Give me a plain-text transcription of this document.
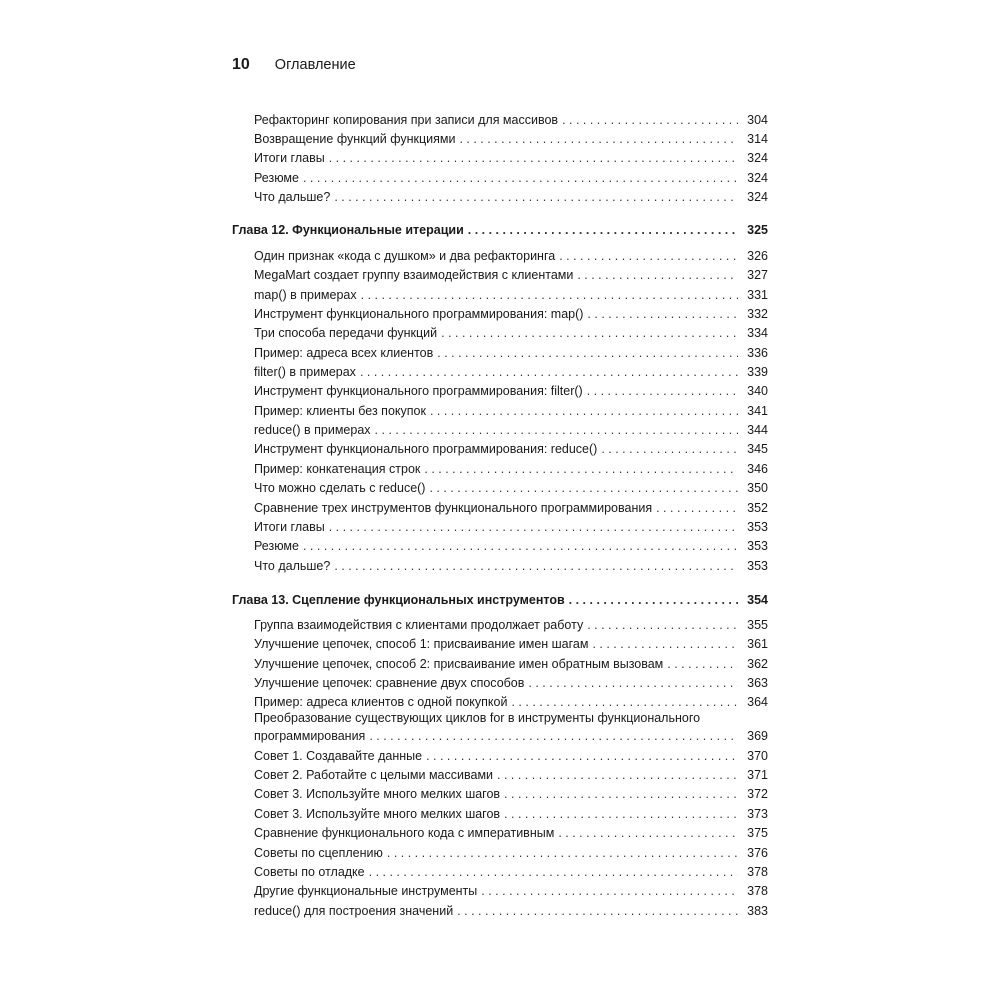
10 Оглавление
Рефакторинг копирования при записи для массивов . . .	304
Возвращение функций функциями . . .	314
Итоги главы . . .	324
Резюме . . .	324
Что дальше? . . .	324
Глава 12. Функциональные итерации . . .	325
Один признак «кода с душком» и два рефакторинга . . .	326
MegaMart создает группу взаимодействия с клиентами . . .	327
map() в примерах . . .	331
Инструмент функционального программирования: map() . . .	332
Три способа передачи функций . . .	334
Пример: адреса всех клиентов . . .	336
filter() в примерах . . .	339
Инструмент функционального программирования: filter() . . .	340
Пример: клиенты без покупок . . .	341
reduce() в примерах . . .	344
Инструмент функционального программирования: reduce() . . .	345
Пример: конкатенация строк . . .	346
Что можно сделать с reduce() . . .	350
Сравнение трех инструментов функционального программирования . . .	352
Итоги главы . . .	353
Резюме . . .	353
Что дальше? . . .	353
Глава 13. Сцепление функциональных инструментов . . .	354
Группа взаимодействия с клиентами продолжает работу . . .	355
Улучшение цепочек, способ 1: присваивание имен шагам . . .	361
Улучшение цепочек, способ 2: присваивание имен обратным вызовам . . .	362
Улучшение цепочек: сравнение двух способов . . .	363
Пример: адреса клиентов с одной покупкой . . .	364
Преобразование существующих циклов for в инструменты функционального
программирования . . .	369
Совет 1. Создавайте данные . . .	370
Совет 2. Работайте с целыми массивами . . .	371
Совет 3. Используйте много мелких шагов . . .	372
Совет 3. Используйте много мелких шагов . . .	373
Сравнение функционального кода с императивным . . .	375
Советы по сцеплению . . .	376
Советы по отладке . . .	378
Другие функциональные инструменты . . .	378
reduce() для построения значений . . .	383
